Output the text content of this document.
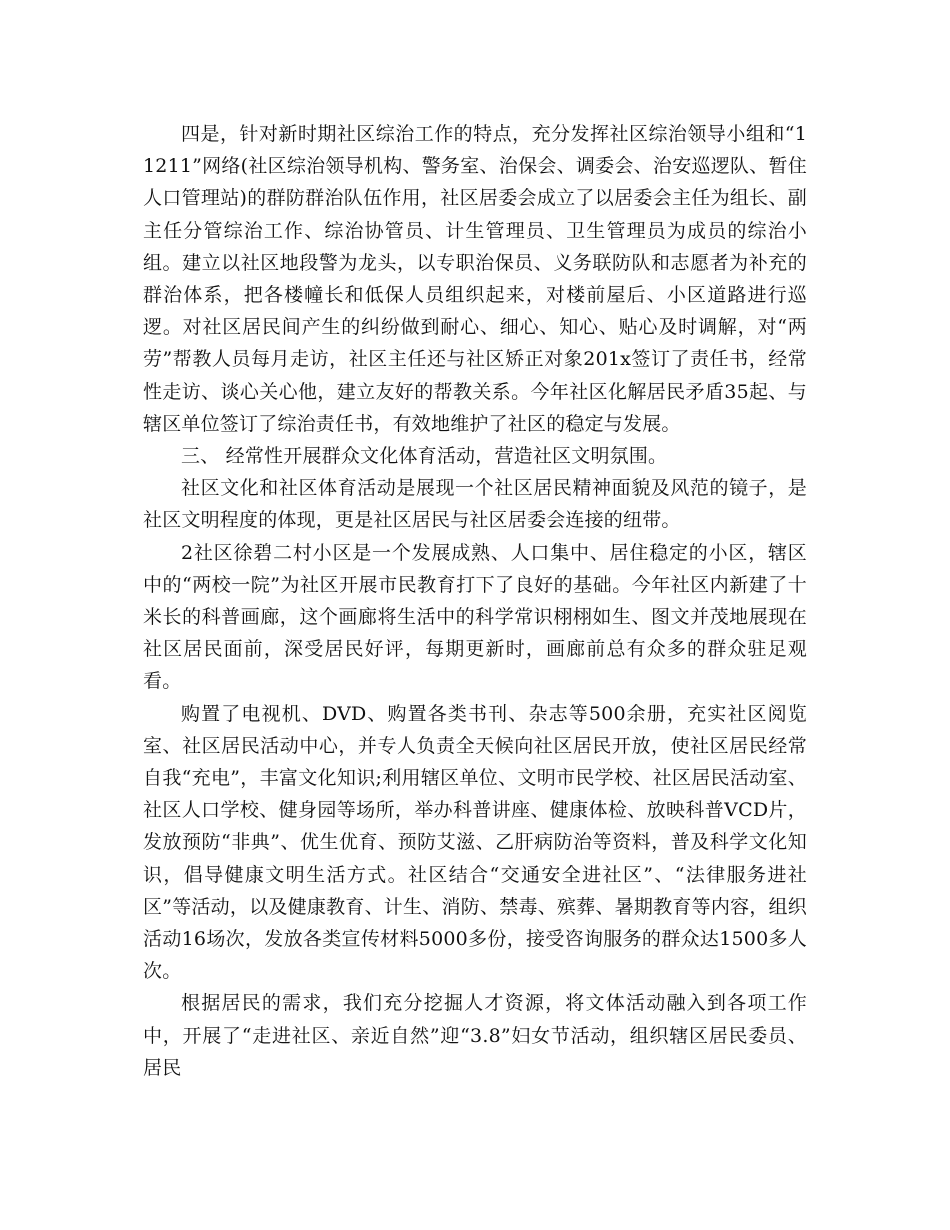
四是，针对新时期社区综治工作的特点，充分发挥社区综治领导小组和“11211”网络(社区综治领导机构、警务室、治保会、调委会、治安巡逻队、暂住人口管理站)的群防群治队伍作用，社区居委会成立了以居委会主任为组长、副主任分管综治工作、综治协管员、计生管理员、卫生管理员为成员的综治小组。建立以社区地段警为龙头，以专职治保员、义务联防队和志愿者为补充的群治体系，把各楼幢长和低保人员组织起来，对楼前屋后、小区道路进行巡逻。对社区居民间产生的纠纷做到耐心、细心、知心、贴心及时调解，对“两劳”帮教人员每月走访，社区主任还与社区矫正对象201x签订了责任书，经常性走访、谈心关心他，建立友好的帮教关系。今年社区化解居民矛盾35起、与辖区单位签订了综治责任书，有效地维护了社区的稳定与发展。

三、 经常性开展群众文化体育活动，营造社区文明氛围。

社区文化和社区体育活动是展现一个社区居民精神面貌及风范的镜子，是社区文明程度的体现，更是社区居民与社区居委会连接的纽带。

2社区徐碧二村小区是一个发展成熟、人口集中、居住稳定的小区，辖区中的“两校一院”为社区开展市民教育打下了良好的基础。今年社区内新建了十米长的科普画廊，这个画廊将生活中的科学常识栩栩如生、图文并茂地展现在社区居民面前，深受居民好评，每期更新时，画廊前总有众多的群众驻足观看。

购置了电视机、DVD、购置各类书刊、杂志等500余册，充实社区阅览室、社区居民活动中心，并专人负责全天候向社区居民开放，使社区居民经常自我“充电”，丰富文化知识;利用辖区单位、文明市民学校、社区居民活动室、社区人口学校、健身园等场所，举办科普讲座、健康体检、放映科普VCD片，发放预防“非典”、优生优育、预防艾滋、乙肝病防治等资料，普及科学文化知识，倡导健康文明生活方式。社区结合“交通安全进社区”、“法律服务进社区”等活动，以及健康教育、计生、消防、禁毒、殡葬、暑期教育等内容，组织活动16场次，发放各类宣传材料5000多份，接受咨询服务的群众达1500多人次。

根据居民的需求，我们充分挖掘人才资源，将文体活动融入到各项工作中，开展了“走进社区、亲近自然”迎“3.8”妇女节活动，组织辖区居民委员、居民
